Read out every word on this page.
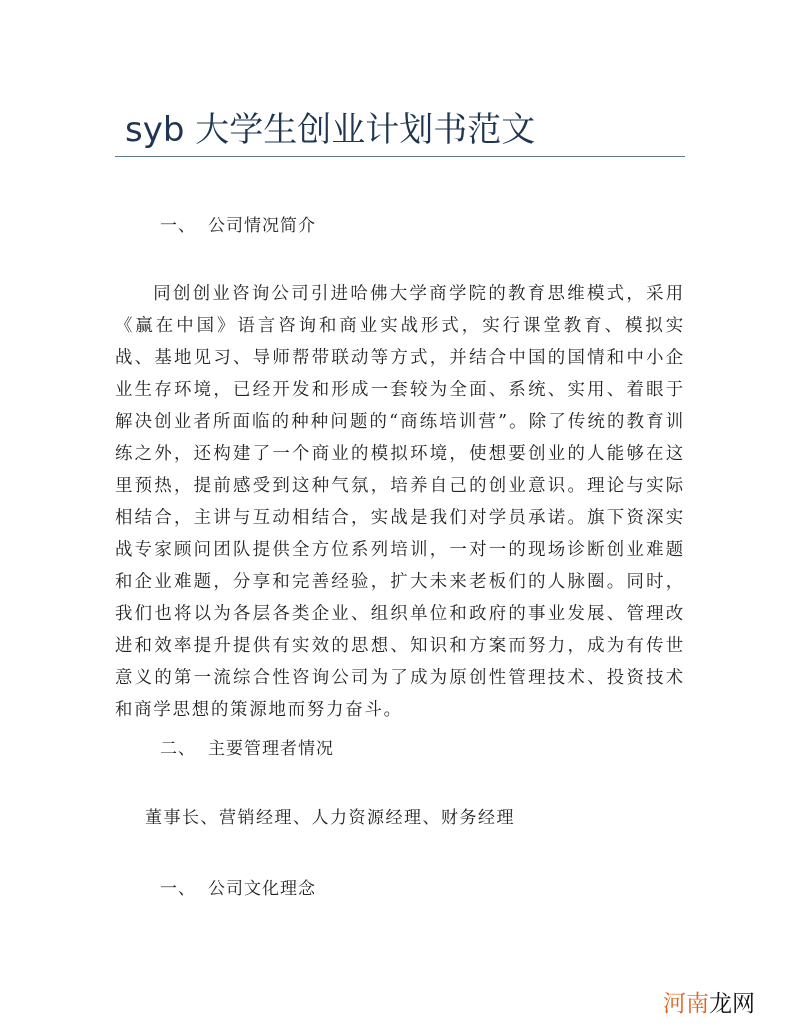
syb 大学生创业计划书范文
一、 公司情况简介
同创创业咨询公司引进哈佛大学商学院的教育思维模式，采用《赢在中国》语言咨询和商业实战形式，实行课堂教育、模拟实战、基地见习、导师帮带联动等方式，并结合中国的国情和中小企业生存环境，已经开发和形成一套较为全面、系统、实用、着眼于解决创业者所面临的种种问题的“商练培训营”。除了传统的教育训练之外，还构建了一个商业的模拟环境，使想要创业的人能够在这里预热，提前感受到这种气氛，培养自己的创业意识。理论与实际相结合，主讲与互动相结合，实战是我们对学员承诺。旗下资深实战专家顾问团队提供全方位系列培训，一对一的现场诊断创业难题和企业难题，分享和完善经验，扩大未来老板们的人脉圈。同时，我们也将以为各层各类企业、组织单位和政府的事业发展、管理改进和效率提升提供有实效的思想、知识和方案而努力，成为有传世意义的第一流综合性咨询公司为了成为原创性管理技术、投资技术和商学思想的策源地而努力奋斗。
二、 主要管理者情况
董事长、营销经理、人力资源经理、财务经理
一、 公司文化理念
河南龙网
